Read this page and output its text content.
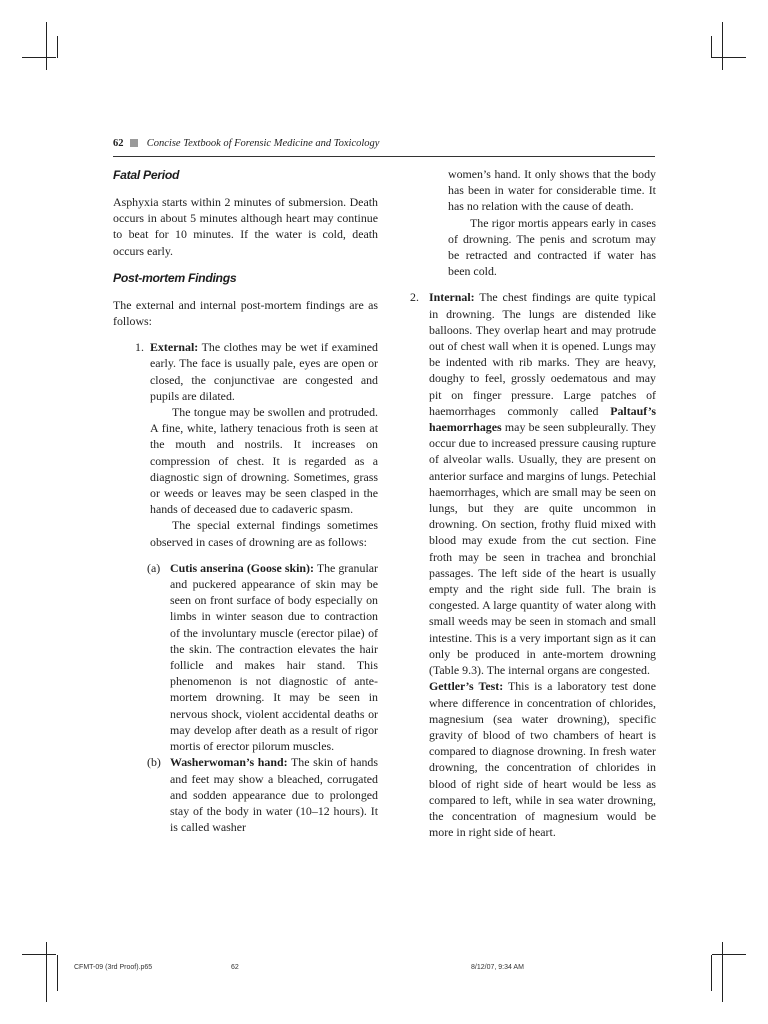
62 Concise Textbook of Forensic Medicine and Toxicology
Fatal Period

Asphyxia starts within 2 minutes of submersion. Death occurs in about 5 minutes although heart may continue to beat for 10 minutes. If the water is cold, death occurs early.

Post-mortem Findings

The external and internal post-mortem findings are as follows:

1. External: The clothes may be wet if examined early. The face is usually pale, eyes are open or closed, the conjunctivae are congested and pupils are dilated.

The tongue may be swollen and protruded. A fine, white, lathery tenacious froth is seen at the mouth and nostrils. It increases on compression of chest. It is regarded as a diagnostic sign of drowning. Sometimes, grass or weeds or leaves may be seen clasped in the hands of deceased due to cadaveric spasm.

The special external findings sometimes observed in cases of drowning are as follows:

(a) Cutis anserina (Goose skin): The granular and puckered appearance of skin may be seen on front surface of body especially on limbs in winter season due to contraction of the involuntary muscle (erector pilae) of the skin. The contraction elevates the hair follicle and makes hair stand. This phenomenon is not diagnostic of ante-mortem drowning. It may be seen in nervous shock, violent accidental deaths or may develop after death as a result of rigor mortis of erector pilorum muscles.

(b) Washerwoman’s hand: The skin of hands and feet may show a bleached, corrugated and sodden appearance due to prolonged stay of the body in water (10–12 hours). It is called washer

women’s hand. It only shows that the body has been in water for considerable time. It has no relation with the cause of death.

The rigor mortis appears early in cases of drowning. The penis and scrotum may be retracted and contracted if water has been cold.

2. Internal: The chest findings are quite typical in drowning. The lungs are distended like balloons. They overlap heart and may protrude out of chest wall when it is opened. Lungs may be indented with rib marks. They are heavy, doughy to feel, grossly oedematous and may pit on finger pressure. Large patches of haemorrhages commonly called Paltauf’s haemorrhages may be seen subpleurally. They occur due to increased pressure causing rupture of alveolar walls. Usually, they are present on anterior surface and margins of lungs. Petechial haemorrhages, which are small may be seen on lungs, but they are quite uncommon in drowning. On section, frothy fluid mixed with blood may exude from the cut section. Fine froth may be seen in trachea and bronchial passages. The left side of the heart is usually empty and the right side full. The brain is congested. A large quantity of water along with small weeds may be seen in stomach and small intestine. This is a very important sign as it can only be produced in ante-mortem drowning (Table 9.3). The internal organs are congested.

Gettler’s Test: This is a laboratory test done where difference in concentration of chlorides, magnesium (sea water drowning), specific gravity of blood of two chambers of heart is compared to diagnose drowning. In fresh water drowning, the concentration of chlorides in blood of right side of heart would be less as compared to left, while in sea water drowning, the concentration of magnesium would be more in right side of heart.

CFMT-09 (3rd Proof).p65	62	8/12/07, 9:34 AM
